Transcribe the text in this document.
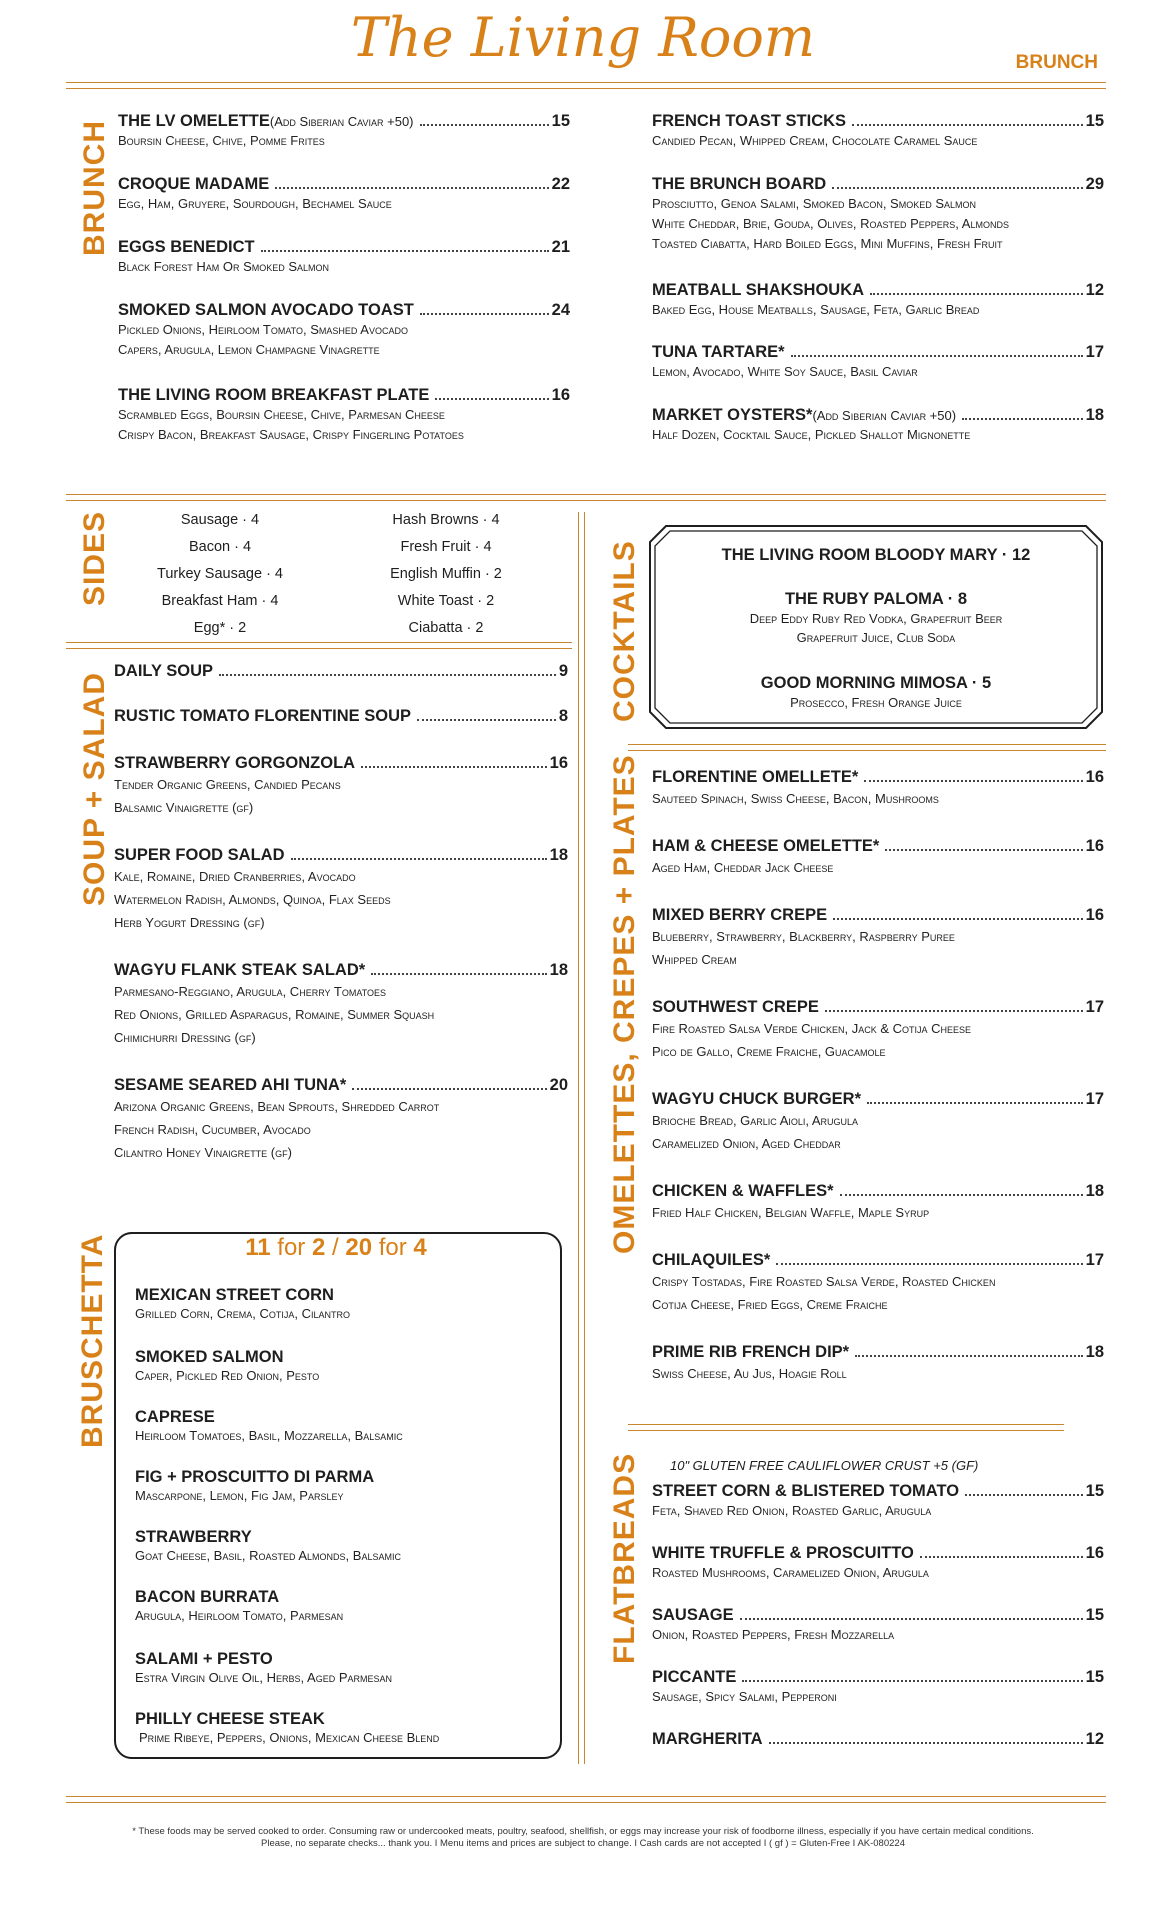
The Living Room	BRUNCH
BRUNCH THE LV OMELETTE (Add Siberian Caviar +50)	15
Boursin Cheese, Chive, Pomme Frites
CROQUE MADAME	22
Egg, Ham, Gruyere, Sourdough, Bechamel Sauce
EGGS BENEDICT	21
Black Forest Ham Or Smoked Salmon
SMOKED SALMON AVOCADO TOAST	24
Pickled Onions, Heirloom Tomato, Smashed Avocado
Capers, Arugula, Lemon Champagne Vinagrette
THE LIVING ROOM BREAKFAST PLATE	16
Scrambled Eggs, Boursin Cheese, Chive, Parmesan Cheese
Crispy Bacon, Breakfast Sausage, Crispy Fingerling Potatoes
FRENCH TOAST STICKS	15
Candied Pecan, Whipped Cream, Chocolate Caramel Sauce
THE BRUNCH BOARD	29
Prosciutto, Genoa Salami, Smoked Bacon, Smoked Salmon
White Cheddar, Brie, Gouda, Olives, Roasted Peppers, Almonds
Toasted Ciabatta, Hard Boiled Eggs, Mini Muffins, Fresh Fruit
MEATBALL SHAKSHOUKA	12
Baked Egg, House Meatballs, Sausage, Feta, Garlic Bread
TUNA TARTARE*	17
Lemon, Avocado, White Soy Sauce, Basil Caviar
MARKET OYSTERS* (Add Siberian Caviar +50)	18
Half Dozen, Cocktail Sauce, Pickled Shallot Mignonette
SIDES	Sausage · 4
Bacon · 4
Turkey Sausage · 4
Breakfast Ham · 4
Egg* · 2
Hash Browns · 4
Fresh Fruit · 4
English Muffin · 2
White Toast · 2
Ciabatta · 2
SOUP + SALAD
DAILY SOUP	9
RUSTIC TOMATO FLORENTINE SOUP	8
STRAWBERRY GORGONZOLA	16
Tender Organic Greens, Candied Pecans
Balsamic Vinaigrette (gf)
SUPER FOOD SALAD	18
Kale, Romaine, Dried Cranberries, Avocado
Watermelon Radish, Almonds, Quinoa, Flax Seeds
Herb Yogurt Dressing (gf)
WAGYU FLANK STEAK SALAD*	18
Parmesano-Reggiano, Arugula, Cherry Tomatoes
Red Onions, Grilled Asparagus, Romaine, Summer Squash
Chimichurri Dressing (gf)
SESAME SEARED AHI TUNA*	20
Arizona Organic Greens, Bean Sprouts, Shredded Carrot
French Radish, Cucumber, Avocado
Cilantro Honey Vinaigrette (gf)
BRUSCHETTA	11 for 2 / 20 for 4
MEXICAN STREET CORN
Grilled Corn, Crema, Cotija, Cilantro
SMOKED SALMON
Caper, Pickled Red Onion, Pesto
CAPRESE
Heirloom Tomatoes, Basil, Mozzarella, Balsamic
FIG + PROSCUITTO DI PARMA
Mascarpone, Lemon, Fig Jam, Parsley
STRAWBERRY
Goat Cheese, Basil, Roasted Almonds, Balsamic
BACON BURRATA
Arugula, Heirloom Tomato, Parmesan
SALAMI + PESTO
Estra Virgin Olive Oil, Herbs, Aged Parmesan
PHILLY CHEESE STEAK
Prime Ribeye, Peppers, Onions, Mexican Cheese Blend
COCKTAILS	THE LIVING ROOM BLOODY MARY · 12
THE RUBY PALOMA · 8
Deep Eddy Ruby Red Vodka, Grapefruit Beer
Grapefruit Juice, Club Soda
GOOD MORNING MIMOSA · 5
Prosecco, Fresh Orange Juice
OMELETTES, CREPES + PLATES FLORENTINE OMELLETE*	16
Sauteed Spinach, Swiss Cheese, Bacon, Mushrooms
HAM & CHEESE OMELETTE*	16
Aged Ham, Cheddar Jack Cheese
MIXED BERRY CREPE	16
Blueberry, Strawberry, Blackberry, Raspberry Puree
Whipped Cream
SOUTHWEST CREPE	17
Fire Roasted Salsa Verde Chicken, Jack & Cotija Cheese
Pico de Gallo, Creme Fraiche, Guacamole
WAGYU CHUCK BURGER*	17
Brioche Bread, Garlic Aioli, Arugula
Caramelized Onion, Aged Cheddar
CHICKEN & WAFFLES*	18
Fried Half Chicken, Belgian Waffle, Maple Syrup
CHILAQUILES*	17
Crispy Tostadas, Fire Roasted Salsa Verde, Roasted Chicken
Cotija Cheese, Fried Eggs, Creme Fraiche
PRIME RIB FRENCH DIP*	18
Swiss Cheese, Au Jus, Hoagie Roll
FLATBREADS 10" GLUTEN FREE CAULIFLOWER CRUST +5 (GF)
STREET CORN & BLISTERED TOMATO	15
Feta, Shaved Red Onion, Roasted Garlic, Arugula
WHITE TRUFFLE & PROSCUITTO	16
Roasted Mushrooms, Caramelized Onion, Arugula
SAUSAGE	15
Onion, Roasted Peppers, Fresh Mozzarella
PICCANTE	15
Sausage, Spicy Salami, Pepperoni
MARGHERITA	12
* These foods may be served cooked to order. Consuming raw or undercooked meats, poultry, seafood, shellfish, or eggs may increase your risk of foodborne illness, especially if you have certain medical conditions.
Please, no separate checks... thank you. I Menu items and prices are subject to change. I Cash cards are not accepted I ( gf ) = Gluten-Free I AK-080224
